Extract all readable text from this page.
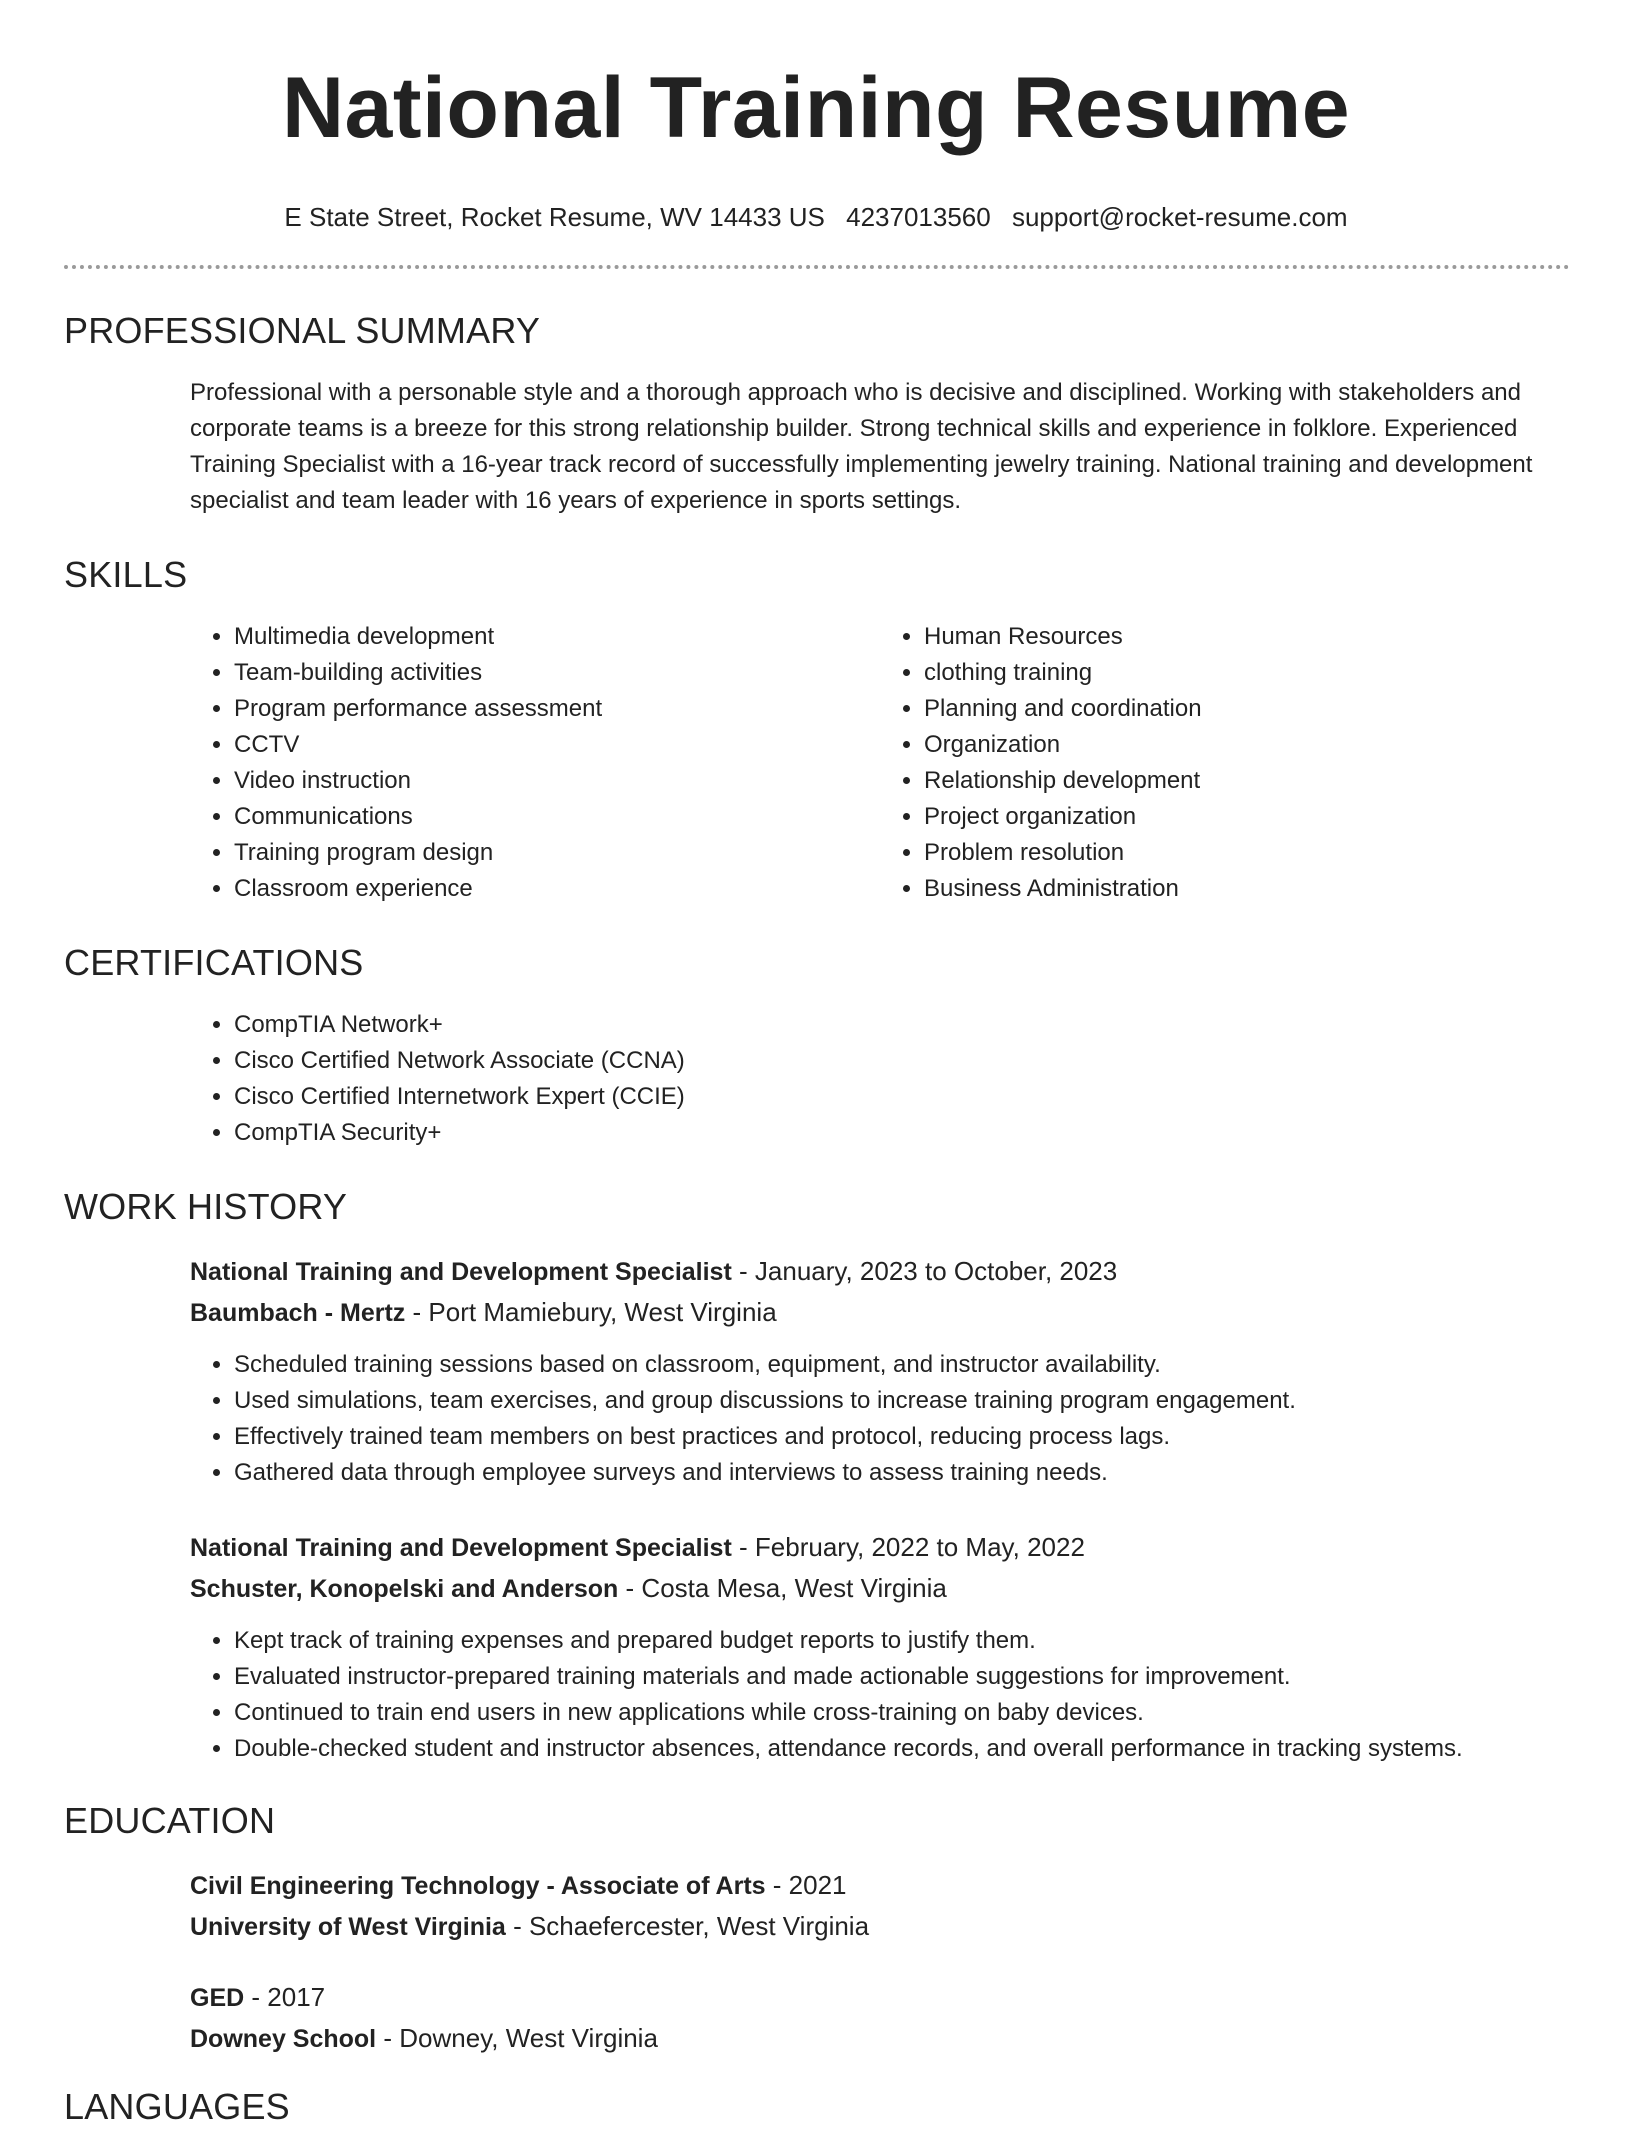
National Training Resume
E State Street, Rocket Resume, WV 14433 US 4237013560 support@rocket-resume.com
PROFESSIONAL SUMMARY

Professional with a personable style and a thorough approach who is decisive and disciplined. Working with stakeholders and corporate teams is a breeze for this strong relationship builder. Strong technical skills and experience in folklore. Experienced Training Specialist with a 16-year track record of successfully implementing jewelry training. National training and development specialist and team leader with 16 years of experience in sports settings.

SKILLS
• Multimedia development
• Team-building activities
• Program performance assessment
• CCTV
• Video instruction
• Communications
• Training program design
• Classroom experience
• Human Resources
• clothing training
• Planning and coordination
• Organization
• Relationship development
• Project organization
• Problem resolution
• Business Administration
CERTIFICATIONS
• CompTIA Network+
• Cisco Certified Network Associate (CCNA)
• Cisco Certified Internetwork Expert (CCIE)
• CompTIA Security+
WORK HISTORY
National Training and Development Specialist - January, 2023 to October, 2023
Baumbach - Mertz - Port Mamiebury, West Virginia
• Scheduled training sessions based on classroom, equipment, and instructor availability.
• Used simulations, team exercises, and group discussions to increase training program engagement.
• Effectively trained team members on best practices and protocol, reducing process lags.
• Gathered data through employee surveys and interviews to assess training needs.
National Training and Development Specialist - February, 2022 to May, 2022
Schuster, Konopelski and Anderson - Costa Mesa, West Virginia
• Kept track of training expenses and prepared budget reports to justify them.
• Evaluated instructor-prepared training materials and made actionable suggestions for improvement.
• Continued to train end users in new applications while cross-training on baby devices.
• Double-checked student and instructor absences, attendance records, and overall performance in tracking systems.
EDUCATION
Civil Engineering Technology - Associate of Arts - 2021
University of West Virginia - Schaefercester, West Virginia
GED - 2017
Downey School - Downey, West Virginia
LANGUAGES
